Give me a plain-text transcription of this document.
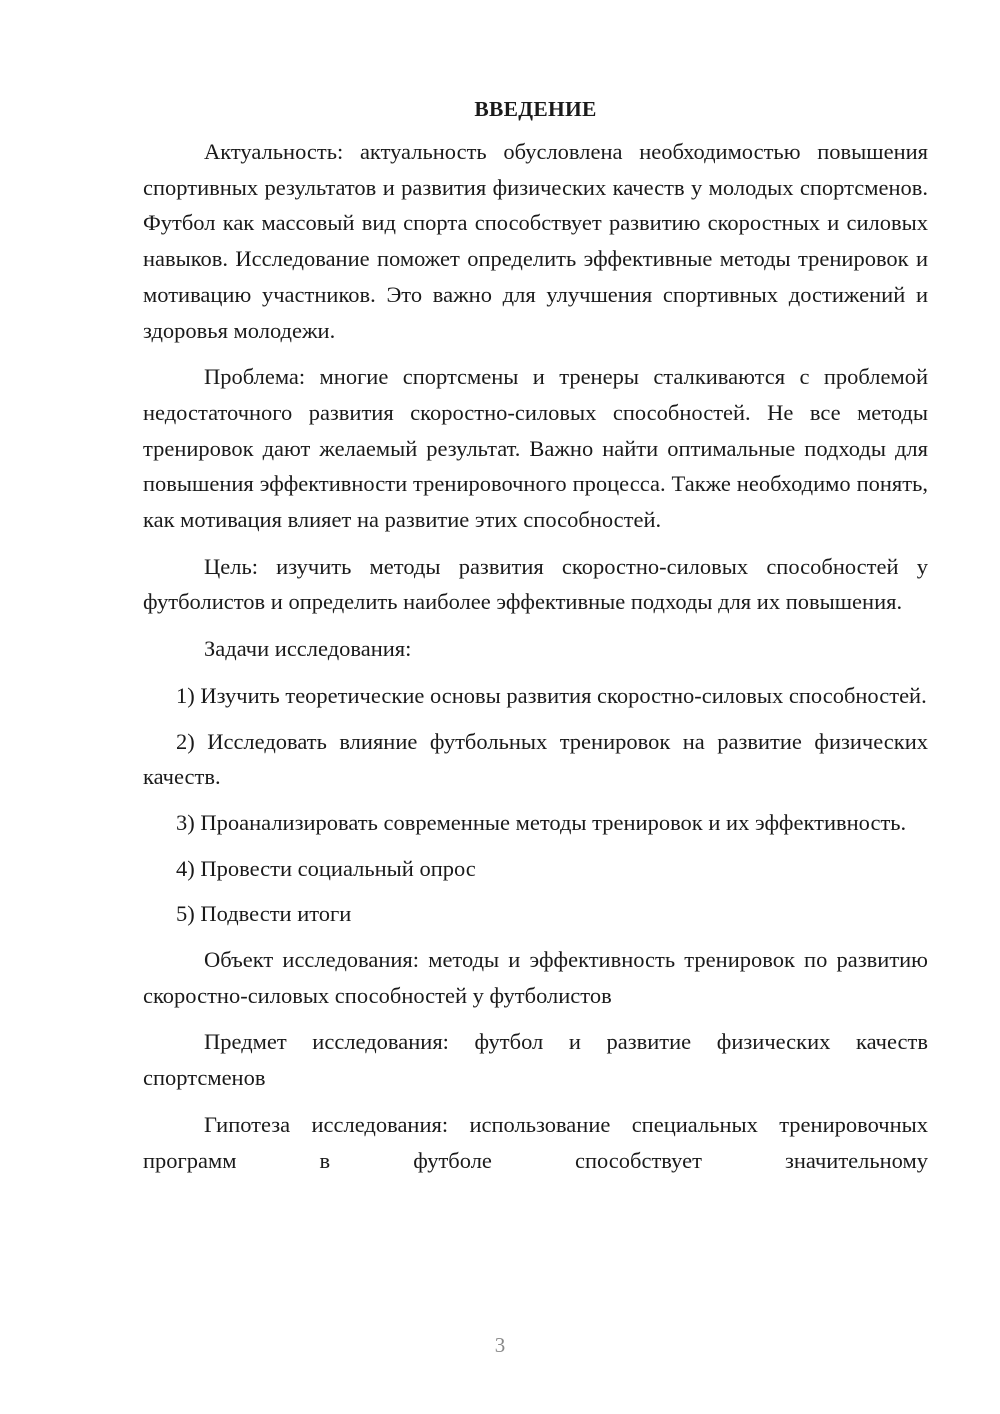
ВВЕДЕНИЕ

Актуальность: актуальность обусловлена необходимостью повышения спортивных результатов и развития физических качеств у молодых спортсменов. Футбол как массовый вид спорта способствует развитию скоростных и силовых навыков. Исследование поможет определить эффективные методы тренировок и мотивацию участников. Это важно для улучшения спортивных достижений и здоровья молодежи.

Проблема: многие спортсмены и тренеры сталкиваются с проблемой недостаточного развития скоростно-силовых способностей. Не все методы тренировок дают желаемый результат. Важно найти оптимальные подходы для повышения эффективности тренировочного процесса. Также необходимо понять, как мотивация влияет на развитие этих способностей.

Цель: изучить методы развития скоростно-силовых способностей у футболистов и определить наиболее эффективные подходы для их повышения.

Задачи исследования:

1) Изучить теоретические основы развития скоростно-силовых способностей.

2) Исследовать влияние футбольных тренировок на развитие физических качеств.

3) Проанализировать современные методы тренировок и их эффективность.

4) Провести социальный опрос

5) Подвести итоги

Объект исследования: методы и эффективность тренировок по развитию скоростно-силовых способностей у футболистов

Предмет исследования: футбол и развитие физических качеств спортсменов

Гипотеза исследования: использование специальных тренировочных программ в футболе способствует значительному

3
